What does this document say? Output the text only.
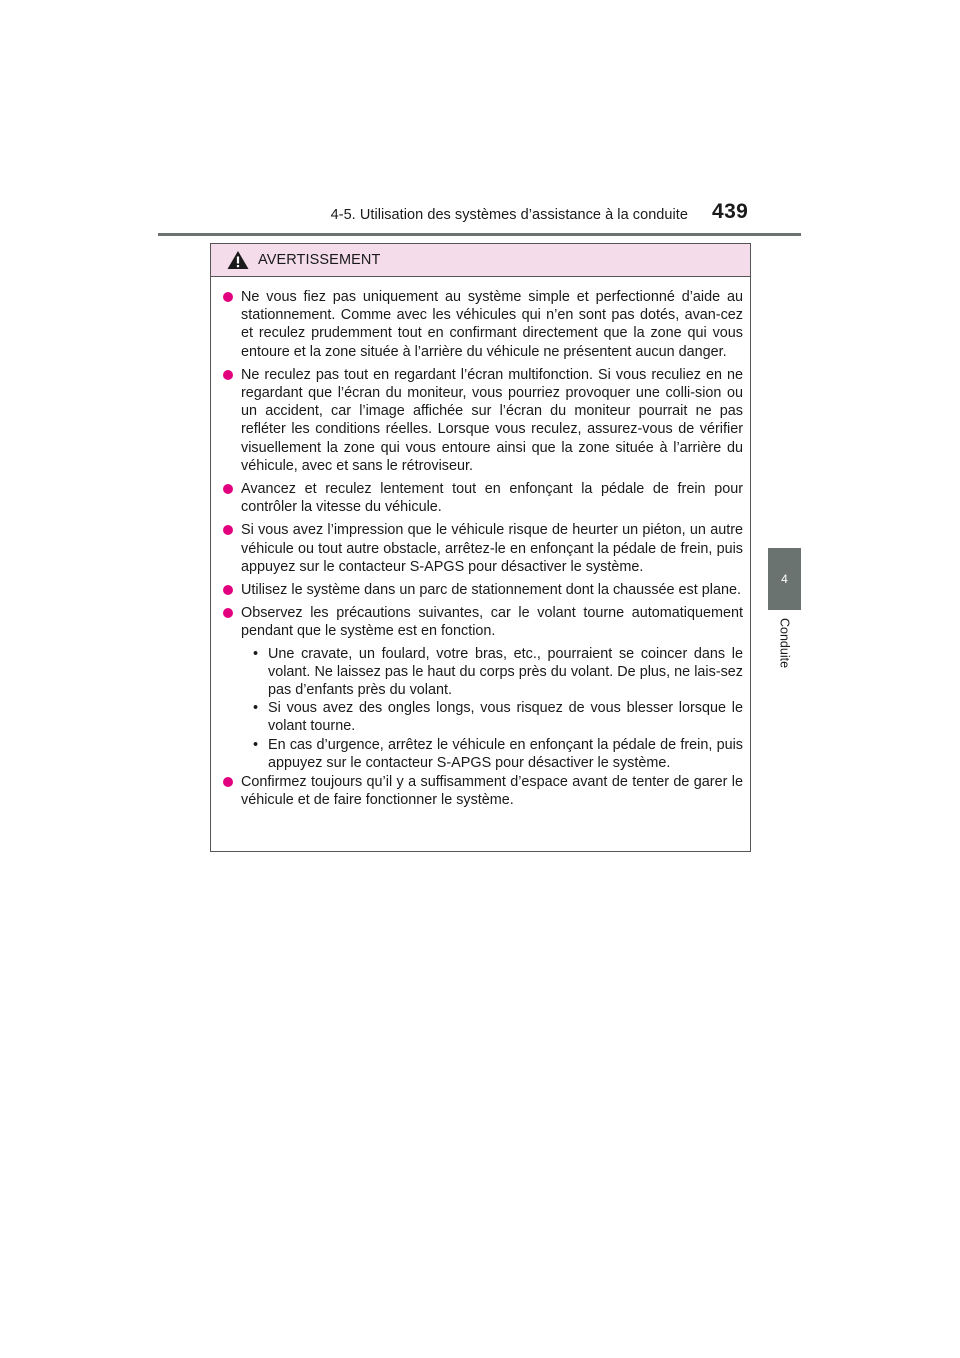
4-5. Utilisation des systèmes d’assistance à la conduite 439
4
Conduite
AVERTISSEMENT
Ne vous fiez pas uniquement au système simple et perfectionné d’aide au stationnement. Comme avec les véhicules qui n’en sont pas dotés, avan-cez et reculez prudemment tout en confirmant directement que la zone qui vous entoure et la zone située à l’arrière du véhicule ne présentent aucun danger.
Ne reculez pas tout en regardant l’écran multifonction. Si vous reculiez en ne regardant que l’écran du moniteur, vous pourriez provoquer une colli-sion ou un accident, car l’image affichée sur l’écran du moniteur pourrait ne pas refléter les conditions réelles. Lorsque vous reculez, assurez-vous de vérifier visuellement la zone qui vous entoure ainsi que la zone située à l’arrière du véhicule, avec et sans le rétroviseur.
Avancez et reculez lentement tout en enfonçant la pédale de frein pour contrôler la vitesse du véhicule.
Si vous avez l’impression que le véhicule risque de heurter un piéton, un autre véhicule ou tout autre obstacle, arrêtez-le en enfonçant la pédale de frein, puis appuyez sur le contacteur S-APGS pour désactiver le système.
Utilisez le système dans un parc de stationnement dont la chaussée est plane.
Observez les précautions suivantes, car le volant tourne automatiquement pendant que le système est en fonction.
• Une cravate, un foulard, votre bras, etc., pourraient se coincer dans le volant. Ne laissez pas le haut du corps près du volant. De plus, ne lais-sez pas d’enfants près du volant.
• Si vous avez des ongles longs, vous risquez de vous blesser lorsque le volant tourne.
• En cas d’urgence, arrêtez le véhicule en enfonçant la pédale de frein, puis appuyez sur le contacteur S-APGS pour désactiver le système.
Confirmez toujours qu’il y a suffisamment d’espace avant de tenter de garer le véhicule et de faire fonctionner le système.
